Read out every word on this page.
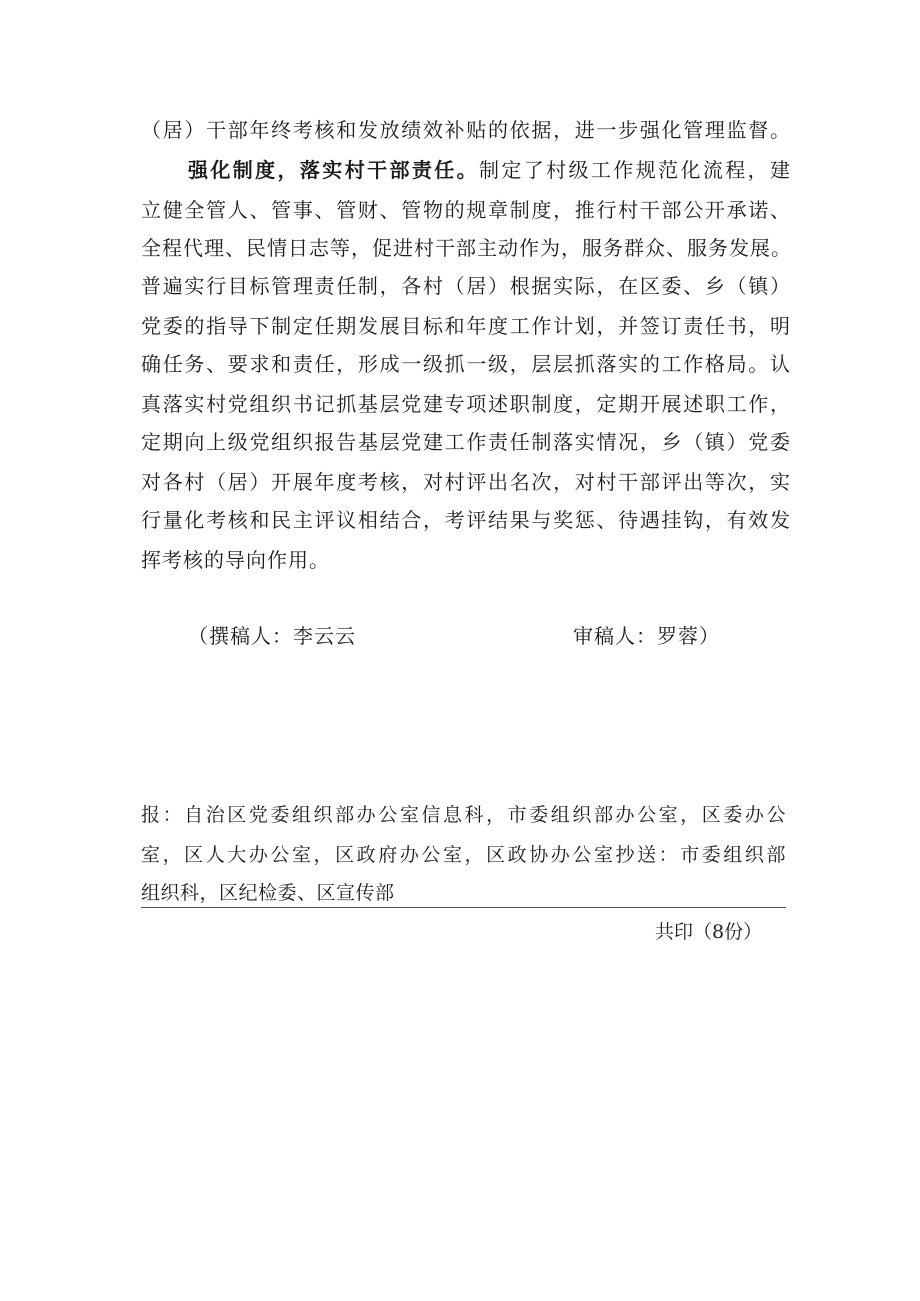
（居）干部年终考核和发放绩效补贴的依据，进一步强化管理监督。
强化制度，落实村干部责任。制定了村级工作规范化流程，建
立健全管人、管事、管财、管物的规章制度，推行村干部公开承诺、
全程代理、民情日志等，促进村干部主动作为，服务群众、服务发展。
普遍实行目标管理责任制，各村（居）根据实际，在区委、乡（镇）
党委的指导下制定任期发展目标和年度工作计划，并签订责任书，明
确任务、要求和责任，形成一级抓一级，层层抓落实的工作格局。认
真落实村党组织书记抓基层党建专项述职制度，定期开展述职工作，
定期向上级党组织报告基层党建工作责任制落实情况，乡（镇）党委
对各村（居）开展年度考核，对村评出名次，对村干部评出等次，实
行量化考核和民主评议相结合，考评结果与奖惩、待遇挂钩，有效发
挥考核的导向作用。
（撰稿人：李云云	审稿人：罗蓉）
报：自治区党委组织部办公室信息科，市委组织部办公室，区委办公
室，区人大办公室，区政府办公室，区政协办公室抄送：市委组织部
组织科，区纪检委、区宣传部
共印（8份）
